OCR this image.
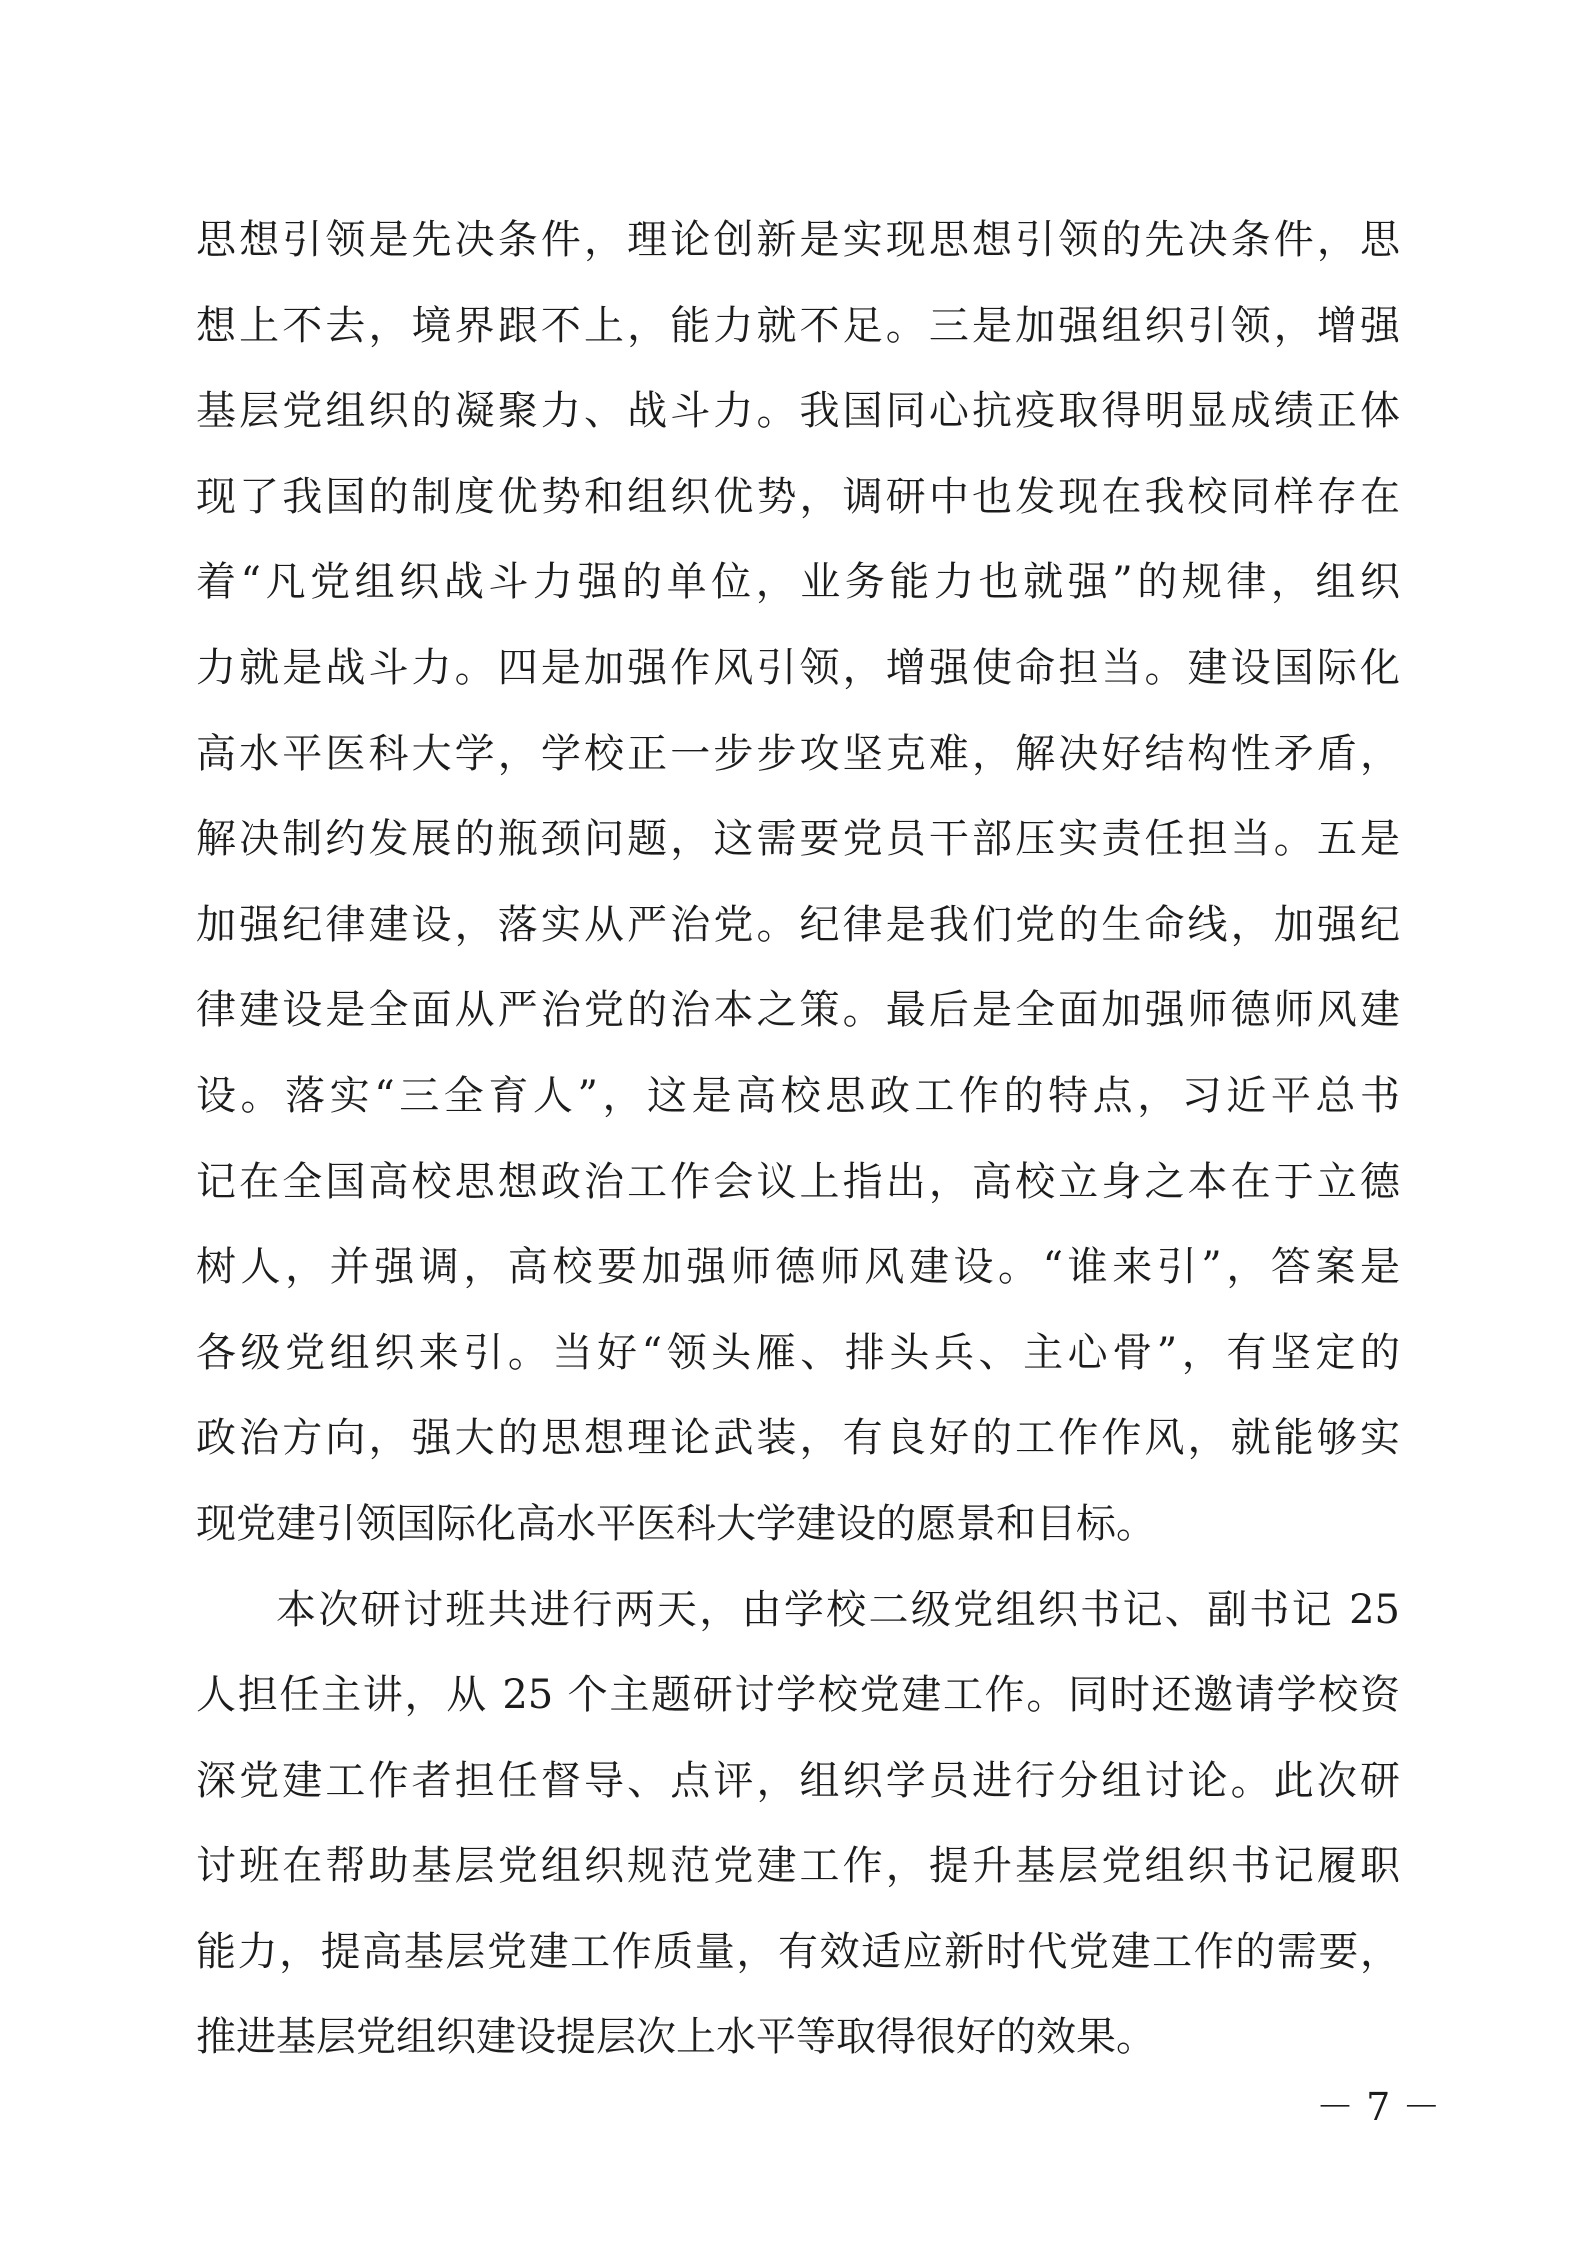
思想引领是先决条件，理论创新是实现思想引领的先决条件，思
想上不去，境界跟不上，能力就不足。三是加强组织引领，增强
基层党组织的凝聚力、战斗力。我国同心抗疫取得明显成绩正体
现了我国的制度优势和组织优势，调研中也发现在我校同样存在
着“凡党组织战斗力强的单位，业务能力也就强”的规律，组织
力就是战斗力。四是加强作风引领，增强使命担当。建设国际化
高水平医科大学，学校正一步步攻坚克难，解决好结构性矛盾，
解决制约发展的瓶颈问题，这需要党员干部压实责任担当。五是
加强纪律建设，落实从严治党。纪律是我们党的生命线，加强纪
律建设是全面从严治党的治本之策。最后是全面加强师德师风建
设。落实“三全育人”，这是高校思政工作的特点，习近平总书
记在全国高校思想政治工作会议上指出，高校立身之本在于立德
树人，并强调，高校要加强师德师风建设。“谁来引”，答案是
各级党组织来引。当好“领头雁、排头兵、主心骨”，有坚定的
政治方向，强大的思想理论武装，有良好的工作作风，就能够实
现党建引领国际化高水平医科大学建设的愿景和目标。
本次研讨班共进行两天，由学校二级党组织书记、副书记 25
人担任主讲，从 25 个主题研讨学校党建工作。同时还邀请学校资
深党建工作者担任督导、点评，组织学员进行分组讨论。此次研
讨班在帮助基层党组织规范党建工作，提升基层党组织书记履职
能力，提高基层党建工作质量，有效适应新时代党建工作的需要，
推进基层党组织建设提层次上水平等取得很好的效果。
－ 7 －
